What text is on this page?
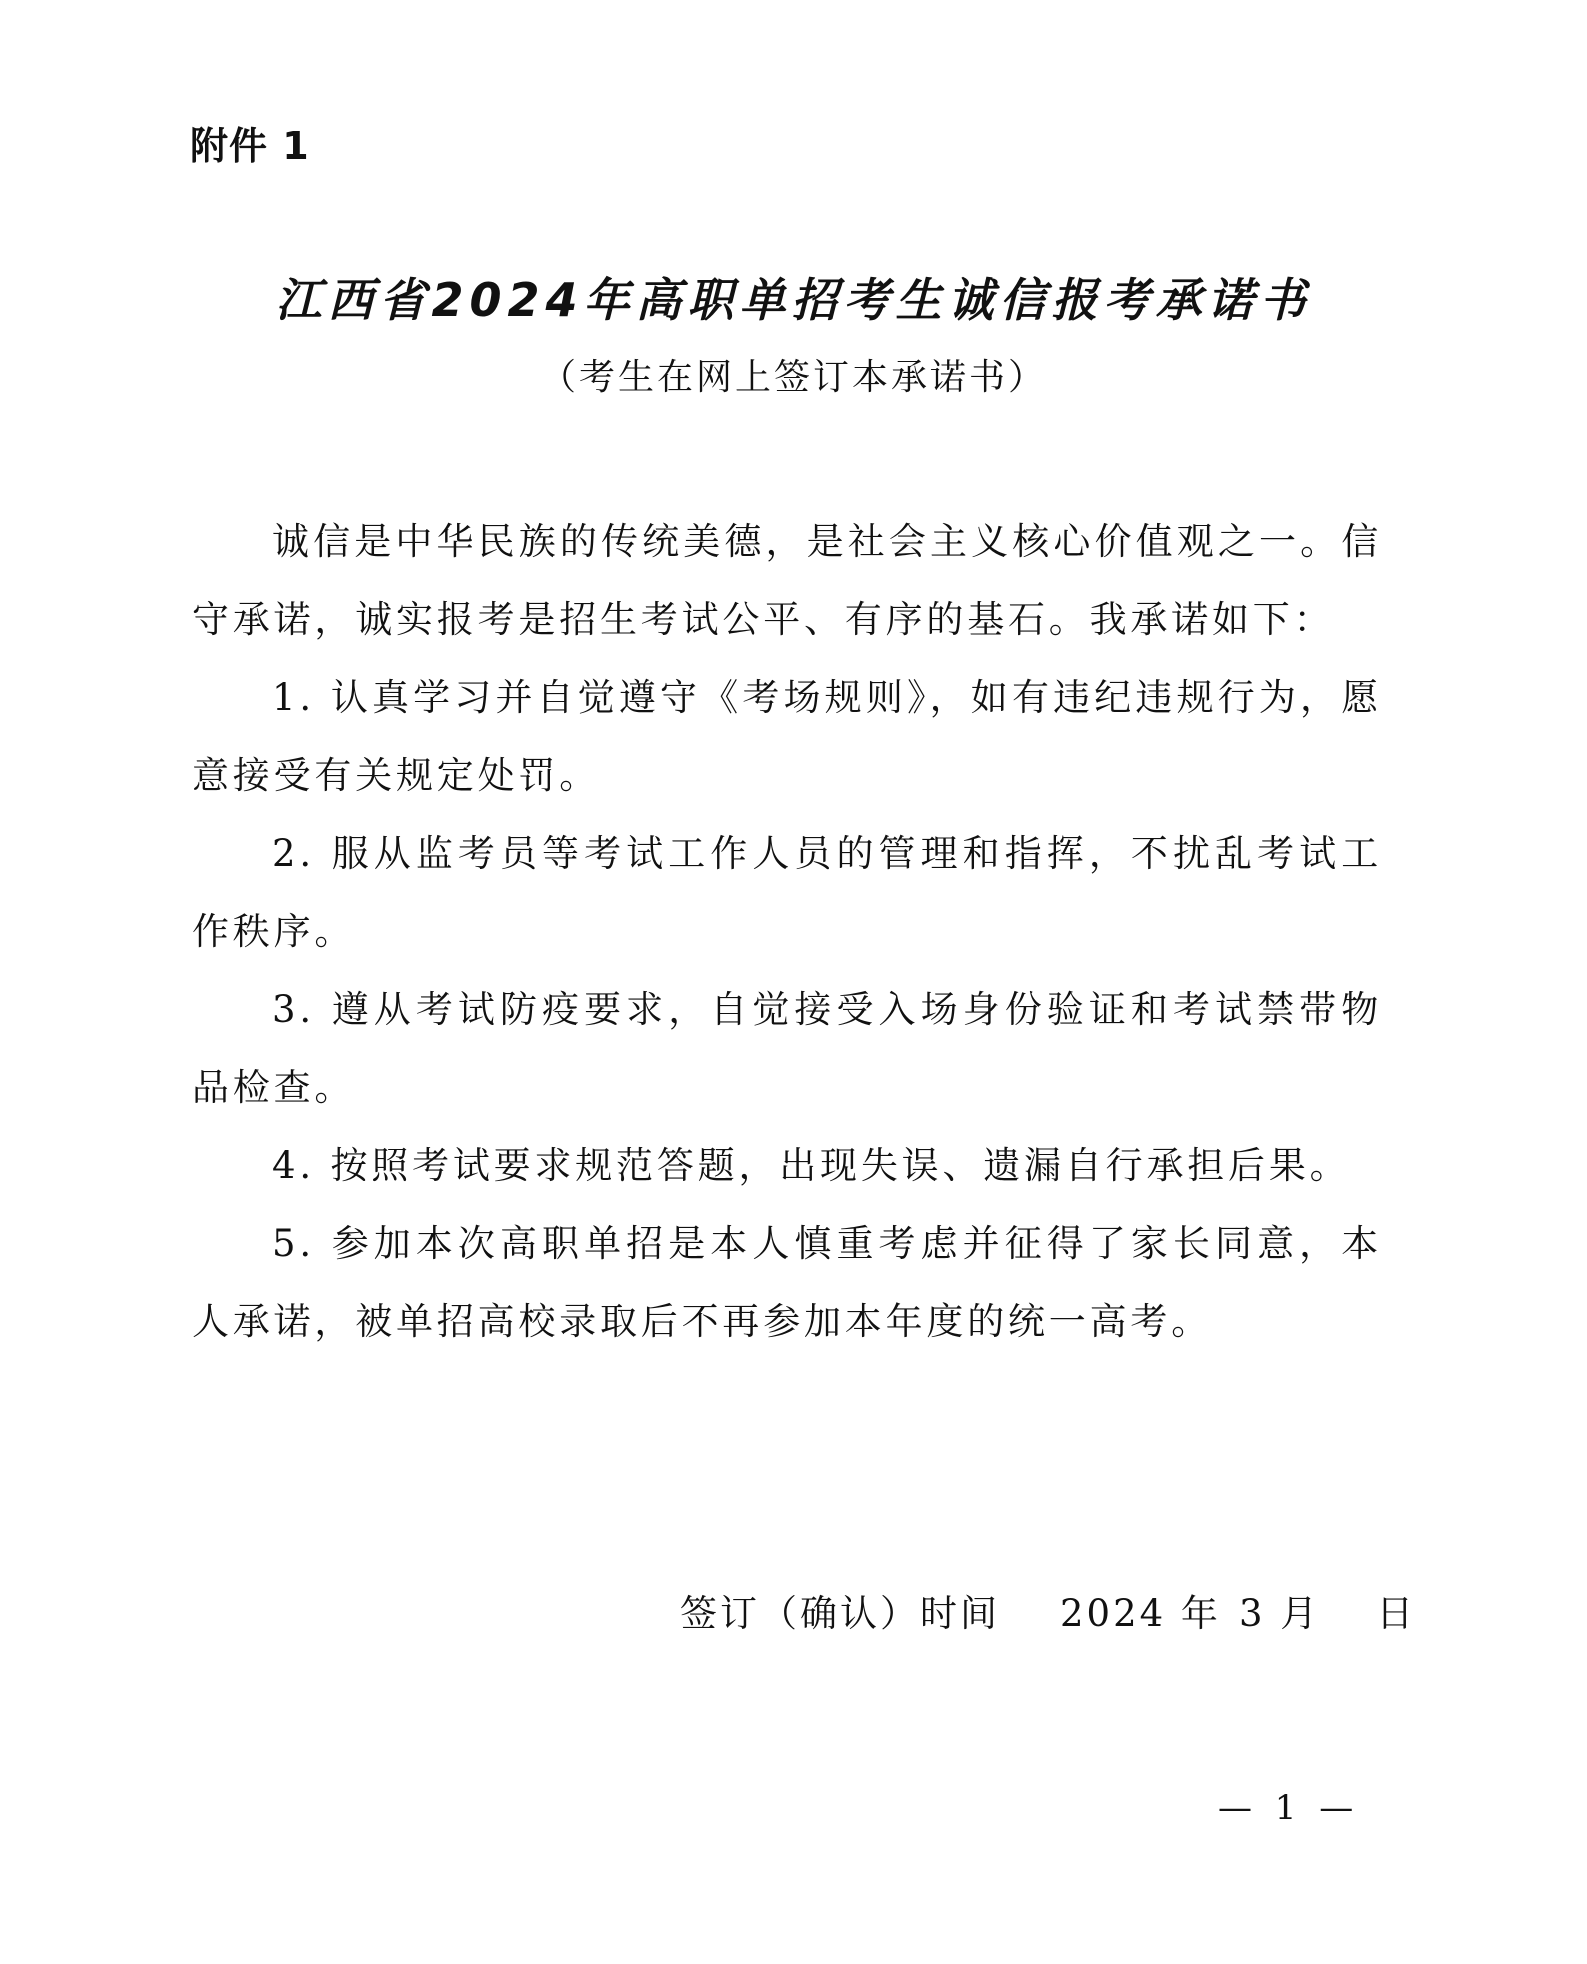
附件 1
江西省2024年高职单招考生诚信报考承诺书
（考生在网上签订本承诺书）

诚信是中华民族的传统美德，是社会主义核心价值观之一。信守承诺，诚实报考是招生考试公平、有序的基石。我承诺如下：

1. 认真学习并自觉遵守《考场规则》，如有违纪违规行为，愿意接受有关规定处罚。

2. 服从监考员等考试工作人员的管理和指挥，不扰乱考试工作秩序。

3. 遵从考试防疫要求，自觉接受入场身份验证和考试禁带物品检查。

4. 按照考试要求规范答题，出现失误、遗漏自行承担后果。

5. 参加本次高职单招是本人慎重考虑并征得了家长同意，本人承诺，被单招高校录取后不再参加本年度的统一高考。

签订（确认）时间 2024 年 3 月 日
— 1 —
